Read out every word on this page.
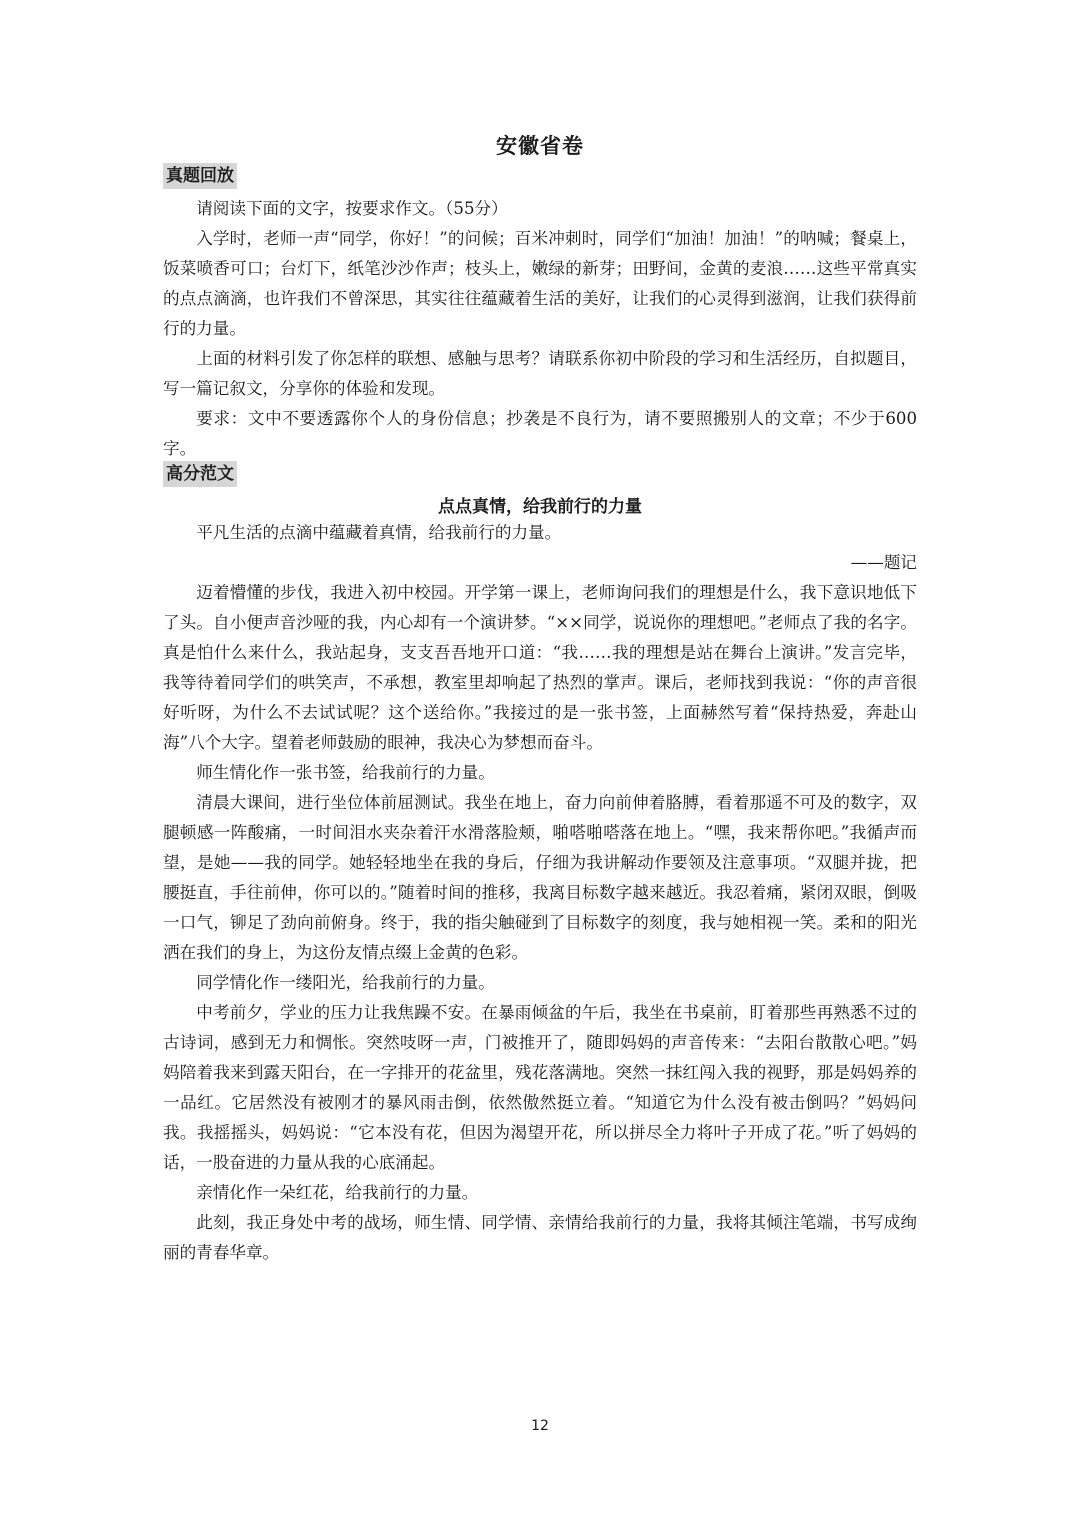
安徽省卷
真题回放

请阅读下面的文字，按要求作文。（55分）

入学时，老师一声“同学，你好！”的问候；百米冲刺时，同学们“加油！加油！”的呐喊；餐桌上，饭菜喷香可口；台灯下，纸笔沙沙作声；枝头上，嫩绿的新芽；田野间，金黄的麦浪……这些平常真实的点点滴滴，也许我们不曾深思，其实往往蕴藏着生活的美好，让我们的心灵得到滋润，让我们获得前行的力量。

上面的材料引发了你怎样的联想、感触与思考？请联系你初中阶段的学习和生活经历，自拟题目，写一篇记叙文，分享你的体验和发现。

要求：文中不要透露你个人的身份信息；抄袭是不良行为，请不要照搬别人的文章；不少于600字。

高分范文
点点真情，给我前行的力量
平凡生活的点滴中蕴藏着真情，给我前行的力量。
——题记

迈着懵懂的步伐，我进入初中校园。开学第一课上，老师询问我们的理想是什么，我下意识地低下了头。自小便声音沙哑的我，内心却有一个演讲梦。“××同学，说说你的理想吧。”老师点了我的名字。真是怕什么来什么，我站起身，支支吾吾地开口道：“我……我的理想是站在舞台上演讲。”发言完毕，我等待着同学们的哄笑声，不承想，教室里却响起了热烈的掌声。课后，老师找到我说：“你的声音很好听呀，为什么不去试试呢？这个送给你。”我接过的是一张书签，上面赫然写着“保持热爱，奔赴山海”八个大字。望着老师鼓励的眼神，我决心为梦想而奋斗。

师生情化作一张书签，给我前行的力量。

清晨大课间，进行坐位体前屈测试。我坐在地上，奋力向前伸着胳膊，看着那遥不可及的数字，双腿顿感一阵酸痛，一时间泪水夹杂着汗水滑落脸颊，啪嗒啪嗒落在地上。“嘿，我来帮你吧。”我循声而望，是她——我的同学。她轻轻地坐在我的身后，仔细为我讲解动作要领及注意事项。“双腿并拢，把腰挺直，手往前伸，你可以的。”随着时间的推移，我离目标数字越来越近。我忍着痛，紧闭双眼，倒吸一口气，铆足了劲向前俯身。终于，我的指尖触碰到了目标数字的刻度，我与她相视一笑。柔和的阳光洒在我们的身上，为这份友情点缀上金黄的色彩。

同学情化作一缕阳光，给我前行的力量。

中考前夕，学业的压力让我焦躁不安。在暴雨倾盆的午后，我坐在书桌前，盯着那些再熟悉不过的古诗词，感到无力和惆怅。突然吱呀一声，门被推开了，随即妈妈的声音传来：“去阳台散散心吧。”妈妈陪着我来到露天阳台，在一字排开的花盆里，残花落满地。突然一抹红闯入我的视野，那是妈妈养的一品红。它居然没有被刚才的暴风雨击倒，依然傲然挺立着。“知道它为什么没有被击倒吗？”妈妈问我。我摇摇头，妈妈说：“它本没有花，但因为渴望开花，所以拼尽全力将叶子开成了花。”听了妈妈的话，一股奋进的力量从我的心底涌起。

亲情化作一朵红花，给我前行的力量。

此刻，我正身处中考的战场，师生情、同学情、亲情给我前行的力量，我将其倾注笔端，书写成绚丽的青春华章。

12
